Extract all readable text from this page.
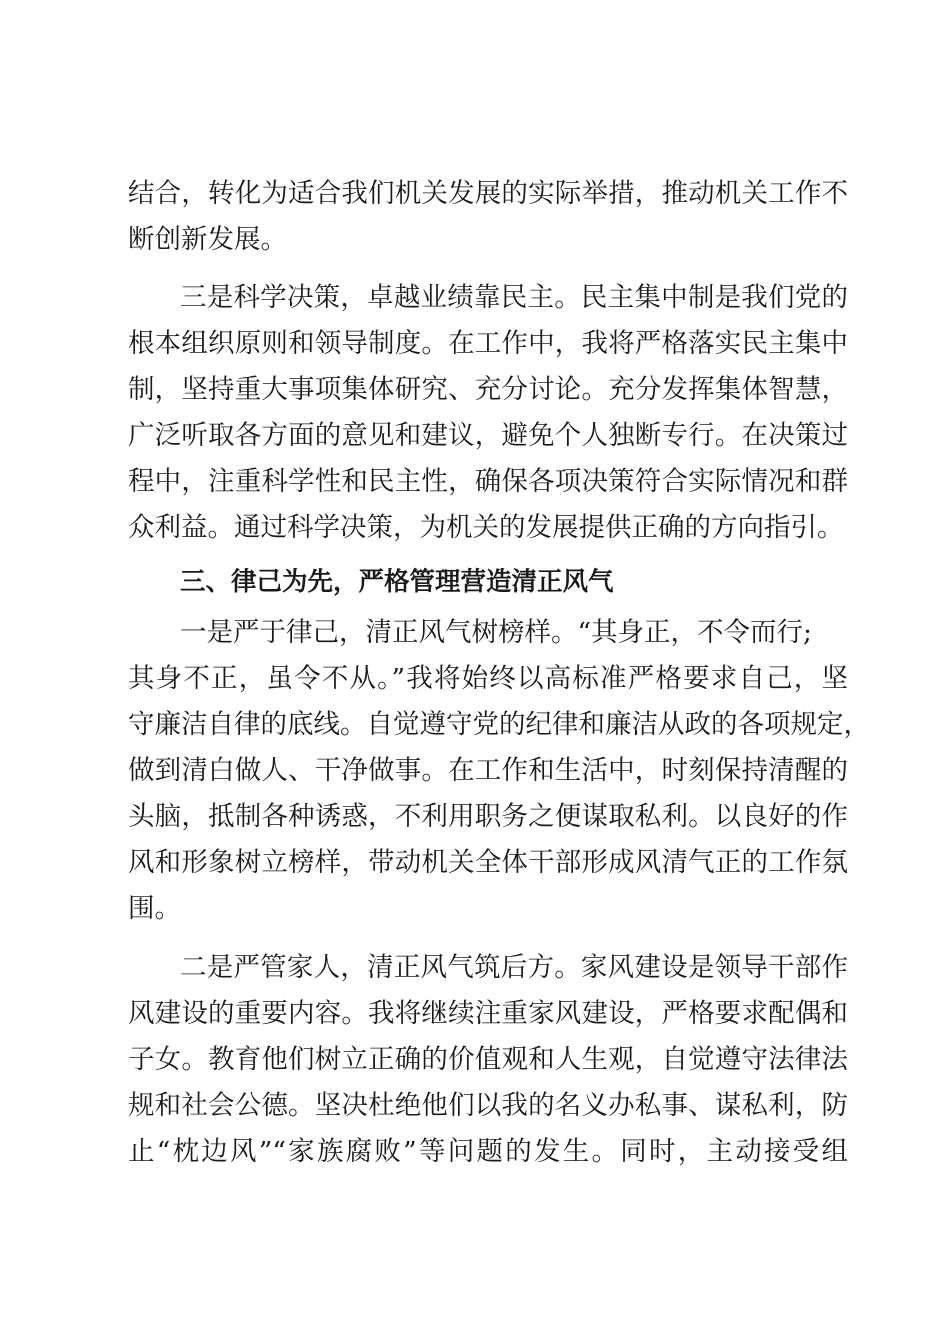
结合，转化为适合我们机关发展的实际举措，推动机关工作不
断创新发展。
三是科学决策，卓越业绩靠民主。民主集中制是我们党的
根本组织原则和领导制度。在工作中，我将严格落实民主集中
制，坚持重大事项集体研究、充分讨论。充分发挥集体智慧，
广泛听取各方面的意见和建议，避免个人独断专行。在决策过
程中，注重科学性和民主性，确保各项决策符合实际情况和群
众利益。通过科学决策，为机关的发展提供正确的方向指引。
三、律己为先，严格管理营造清正风气
一是严于律己，清正风气树榜样。“其身正，不令而行;
其身不正，虽令不从。”我将始终以高标准严格要求自己，坚
守廉洁自律的底线。自觉遵守党的纪律和廉洁从政的各项规定，
做到清白做人、干净做事。在工作和生活中，时刻保持清醒的
头脑，抵制各种诱惑，不利用职务之便谋取私利。以良好的作
风和形象树立榜样，带动机关全体干部形成风清气正的工作氛
围。
二是严管家人，清正风气筑后方。家风建设是领导干部作
风建设的重要内容。我将继续注重家风建设，严格要求配偶和
子女。教育他们树立正确的价值观和人生观，自觉遵守法律法
规和社会公德。坚决杜绝他们以我的名义办私事、谋私利，防
止“枕边风”“家族腐败”等问题的发生。同时，主动接受组
